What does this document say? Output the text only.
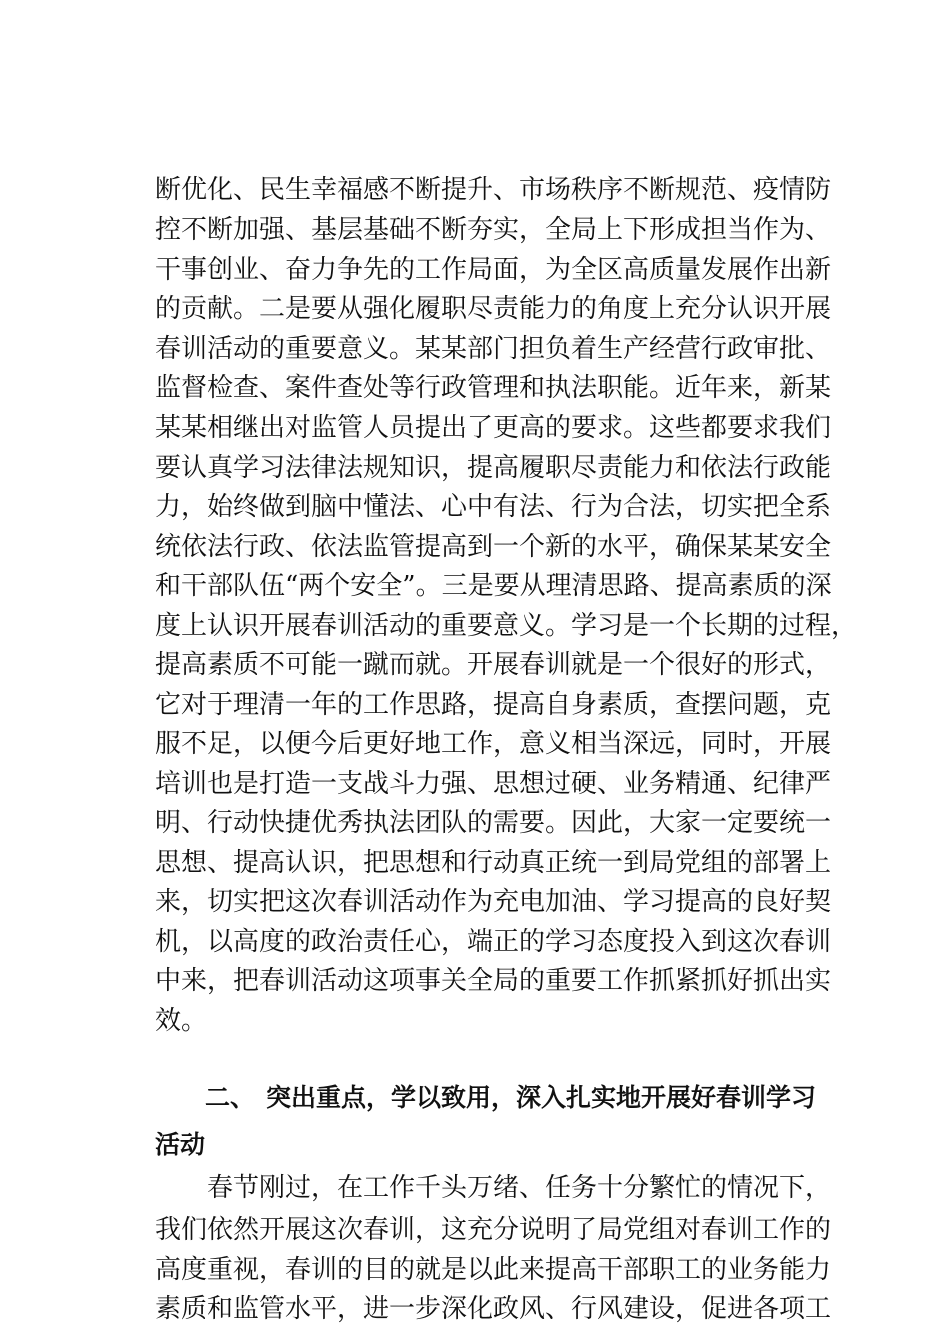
断优化、民生幸福感不断提升、市场秩序不断规范、疫情防
控不断加强、基层基础不断夯实，全局上下形成担当作为、
干事创业、奋力争先的工作局面，为全区高质量发展作出新
的贡献。二是要从强化履职尽责能力的角度上充分认识开展
春训活动的重要意义。某某部门担负着生产经营行政审批、
监督检查、案件查处等行政管理和执法职能。近年来，新某
某某相继出对监管人员提出了更高的要求。这些都要求我们
要认真学习法律法规知识，提高履职尽责能力和依法行政能
力，始终做到脑中懂法、心中有法、行为合法，切实把全系
统依法行政、依法监管提高到一个新的水平，确保某某安全
和干部队伍“两个安全”。三是要从理清思路、提高素质的深
度上认识开展春训活动的重要意义。学习是一个长期的过程，
提高素质不可能一蹴而就。开展春训就是一个很好的形式，
它对于理清一年的工作思路，提高自身素质，查摆问题，克
服不足，以便今后更好地工作，意义相当深远，同时，开展
培训也是打造一支战斗力强、思想过硬、业务精通、纪律严
明、行动快捷优秀执法团队的需要。因此，大家一定要统一
思想、提高认识，把思想和行动真正统一到局党组的部署上
来，切实把这次春训活动作为充电加油、学习提高的良好契
机，以高度的政治责任心，端正的学习态度投入到这次春训
中来，把春训活动这项事关全局的重要工作抓紧抓好抓出实
效。
二、 突出重点，学以致用，深入扎实地开展好春训学习
活动
春节刚过，在工作千头万绪、任务十分繁忙的情况下，
我们依然开展这次春训，这充分说明了局党组对春训工作的
高度重视，春训的目的就是以此来提高干部职工的业务能力
素质和监管水平，进一步深化政风、行风建设，促进各项工
